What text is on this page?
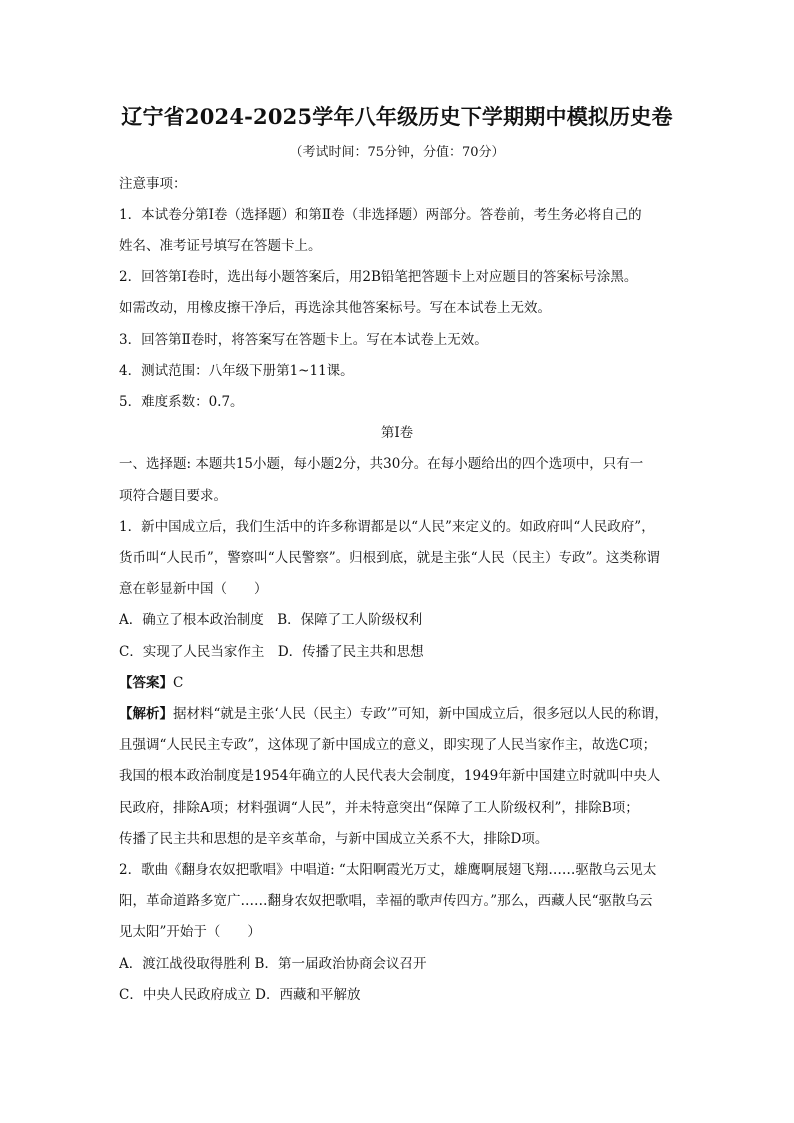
辽宁省2024-2025学年八年级历史下学期期中模拟历史卷
（考试时间：75分钟，分值：70分）
注意事项：
1．本试卷分第Ⅰ卷（选择题）和第Ⅱ卷（非选择题）两部分。答卷前，考生务必将自己的
姓名、准考证号填写在答题卡上。
2．回答第Ⅰ卷时，选出每小题答案后，用2B铅笔把答题卡上对应题目的答案标号涂黑。
如需改动，用橡皮擦干净后，再选涂其他答案标号。写在本试卷上无效。
3．回答第Ⅱ卷时，将答案写在答题卡上。写在本试卷上无效。
4．测试范围：八年级下册第1~11课。
5．难度系数：0.7。
第Ⅰ卷
一、选择题: 本题共15小题，每小题2分，共30分。在每小题给出的四个选项中，只有一
项符合题目要求。
1．新中国成立后，我们生活中的许多称谓都是以“人民”来定义的。如政府叫“人民政府”，
货币叫“人民币”，警察叫“人民警察”。归根到底，就是主张“人民（民主）专政”。这类称谓
意在彰显新中国（　　）
A．确立了根本政治制度　B．保障了工人阶级权利
C．实现了人民当家作主　D．传播了民主共和思想
【答案】C
【解析】据材料“就是主张‘人民（民主）专政’”可知，新中国成立后，很多冠以人民的称谓，
且强调“人民民主专政”，这体现了新中国成立的意义，即实现了人民当家作主，故选C项；
我国的根本政治制度是1954年确立的人民代表大会制度，1949年新中国建立时就叫中央人
民政府，排除A项；材料强调“人民”，并未特意突出“保障了工人阶级权利”，排除B项；
传播了民主共和思想的是辛亥革命，与新中国成立关系不大，排除D项。
2．歌曲《翻身农奴把歌唱》中唱道: “太阳啊霞光万丈，雄鹰啊展翅飞翔……驱散乌云见太
阳，革命道路多宽广……翻身农奴把歌唱，幸福的歌声传四方。”那么，西藏人民“驱散乌云
见太阳”开始于（　　）
A．渡江战役取得胜利 B．第一届政治协商会议召开
C．中央人民政府成立 D．西藏和平解放
